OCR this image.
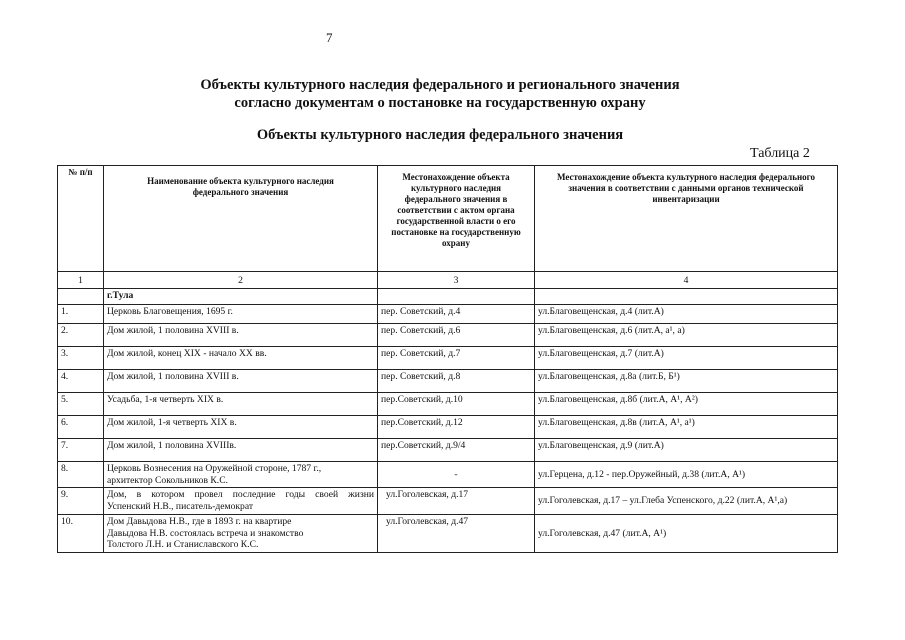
7
Объекты культурного наследия федерального и регионального значения
согласно документам о постановке на государственную охрану
Объекты культурного наследия федерального значения
Таблица 2
№ п/п	Наименование объекта культурного наследия федерального значения	Местонахождение объекта культурного наследия федерального значения в соответствии с актом органа государственной власти о его постановке на государственную охрану	Местонахождение объекта культурного наследия федерального значения в соответствии с данными органов технической инвентаризации
1	2	3	4
	г.Тула		
1.	Церковь Благовещения, 1695 г.	пер. Советский, д.4	ул.Благовещенская, д.4 (лит.А)
2.	Дом жилой, 1 половина XVIII в.	пер. Советский, д.6	ул.Благовещенская, д.6 (лит.А, а¹, а)
3.	Дом жилой, конец XIX - начало XX вв.	пер. Советский, д.7	ул.Благовещенская, д.7 (лит.А)
4.	Дом жилой, 1 половина XVIII в.	пер. Советский, д.8	ул.Благовещенская, д.8а (лит.Б, Б¹)
5.	Усадьба, 1-я четверть XIX в.	пер.Советский, д.10	ул.Благовещенская, д.8б (лит.А, А¹, А²)
6.	Дом жилой, 1-я четверть XIX в.	пер.Советский, д.12	ул.Благовещенская, д.8в (лит.А, А¹, а¹)
7.	Дом жилой, 1 половина XVIIIв.	пер.Советский, д.9/4	ул.Благовещенская, д.9 (лит.А)
8.	Церковь Вознесения на Оружейной стороне, 1787 г.,
архитектор Сокольников К.С.	-	ул.Герцена, д.12 - пер.Оружейный, д.38 (лит.А, А¹)
9.	Дом, в котором провел последние годы своей жизни
Успенский Н.В., писатель-демократ	ул.Гоголевская, д.17	ул.Гоголевская, д.17 – ул.Глеба Успенского, д.22 (лит.А, А¹,а)
10.	Дом Давыдова Н.В., где в 1893 г. на квартире
Давыдова Н.В. состоялась встреча и знакомство
Толстого Л.Н. и Станиславского К.С.	ул.Гоголевская, д.47	ул.Гоголевская, д.47 (лит.А, А¹)
